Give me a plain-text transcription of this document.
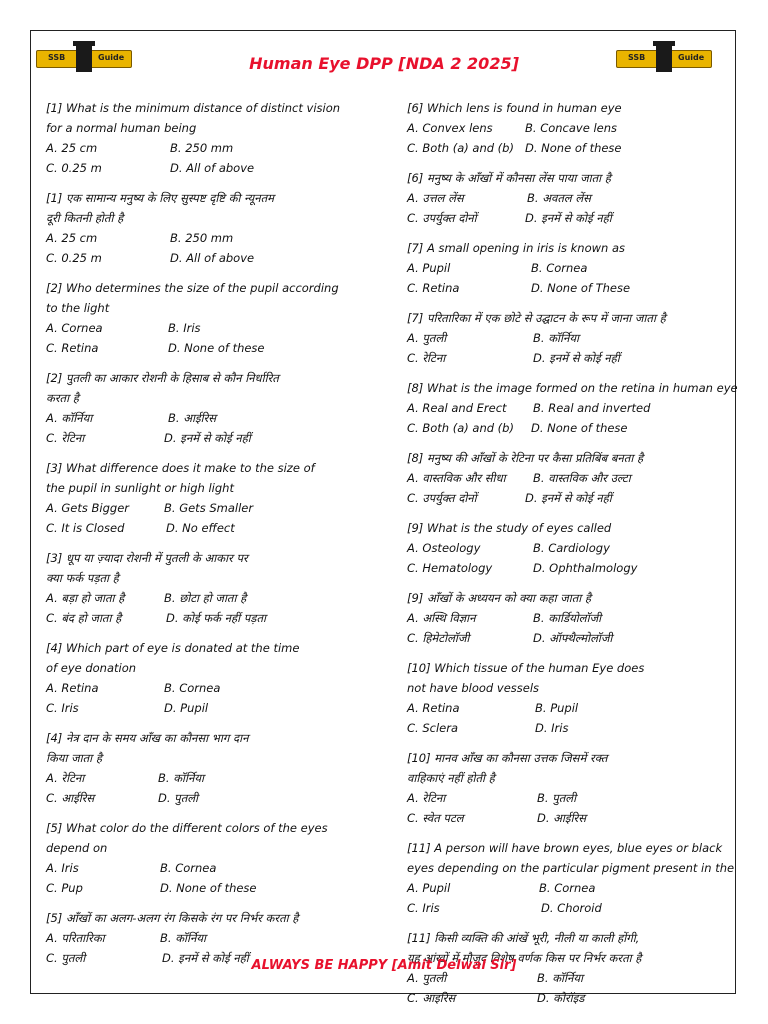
SSB	Guide	SSB	Guide
Human Eye DPP [NDA 2 2025]
[1] What is the minimum distance of distinct vision
for a normal human being
A. 25 cm	B. 250 mm
C. 0.25 m	D. All of above
[1] एक सामान्य मनुष्य के लिए सुस्पष्ट दृष्टि की न्यूनतम
दूरी कितनी होती है
A. 25 cm	B. 250 mm
C. 0.25 m	D. All of above
[2] Who determines the size of the pupil according
to the light
A. Cornea	B. Iris
C. Retina	D. None of these
[2] पुतली का आकार रोशनी के हिसाब से कौन निर्धारित
करता है
A. कॉर्निया	B. आईरिस
C. रेटिना	D. इनमें से कोई नहीं
[3] What difference does it make to the size of
the pupil in sunlight or high light
A. Gets Bigger	B. Gets Smaller
C. It is Closed	D. No effect
[3] धूप या ज़्यादा रोशनी में पुतली के आकार पर
क्या फर्क पड़ता है
A. बड़ा हो जाता है	B. छोटा हो जाता है
C. बंद हो जाता है	D. कोई फर्क नहीं पड़ता
[4] Which part of eye is donated at the time
of eye donation
A. Retina	B. Cornea
C. Iris	D. Pupil
[4] नेत्र दान के समय आँख का कौनसा भाग दान
किया जाता है
A. रेटिना	B. कॉर्निया
C. आईरिस	D. पुतली
[5] What color do the different colors of the eyes
depend on
A. Iris	B. Cornea
C. Pup	D. None of these
[5] आँखों का अलग-अलग रंग किसके रंग पर निर्भर करता है
A. परितारिका	B. कॉर्निया
C. पुतली	D. इनमें से कोई नहीं
[6] Which lens is found in human eye
A. Convex lens	B. Concave lens
C. Both (a) and (b) D. None of these
[6] मनुष्य के आँखों में कौनसा लेंस पाया जाता है
A. उत्तल लेंस	B. अवतल लेंस
C. उपर्युक्त दोनों	D. इनमें से कोई नहीं
[7] A small opening in iris is known as
A. Pupil	B. Cornea
C. Retina	D. None of These
[7] परितारिका में एक छोटे से उद्घाटन के रूप में जाना जाता है
A. पुतली	B. कॉर्निया
C. रेटिना	D. इनमें से कोई नहीं
[8] What is the image formed on the retina in human eye
A. Real and Erect B. Real and inverted
C. Both (a) and (b) D. None of these
[8] मनुष्य की आँखों के रेटिना पर कैसा प्रतिबिंब बनता है
A. वास्तविक और सीधा B. वास्तविक और उल्टा
C. उपर्युक्त दोनों	D. इनमें से कोई नहीं
[9] What is the study of eyes called
A. Osteology	B. Cardiology
C. Hematology	D. Ophthalmology
[9] आँखों के अध्ययन को क्या कहा जाता है
A. अस्थि विज्ञान	B. कार्डियोलॉजी
C. हिमेटोलॉजी	D. ऑफ्थैल्मोलॉजी
[10] Which tissue of the human Eye does
not have blood vessels
A. Retina	B. Pupil
C. Sclera	D. Iris
[10] मानव आँख का कौनसा उत्तक जिसमें रक्त
वाहिकाएं नहीं होती है
A. रेटिना	B. पुतली
C. स्वेत पटल	D. आईरिस
[11] A person will have brown eyes, blue eyes or black
eyes depending on the particular pigment present in the
A. Pupil	B. Cornea
C. Iris	D. Choroid
[11] किसी व्यक्ति की आंखें भूरी, नीली या काली होंगी,
यह आंखों में मौजूद विशेष वर्णक किस पर निर्भर करता है
A. पुतली	B. कॉर्निया
C. आइरिस	D. कोरॉइड
ALWAYS BE HAPPY [Amit Delwal Sir]
